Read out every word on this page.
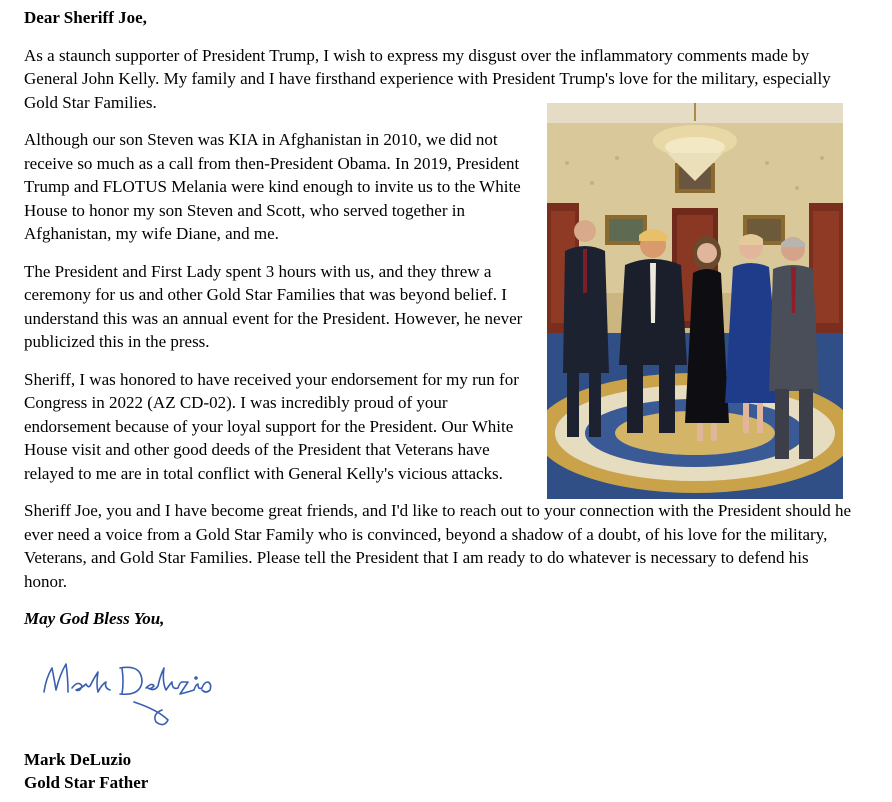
Dear Sheriff Joe,

As a staunch supporter of President Trump, I wish to express my disgust over the inflammatory comments made by General John Kelly. My family and I have firsthand experience with President Trump's love for the military, especially Gold Star Families.

Although our son Steven was KIA in Afghanistan in 2010, we did not receive so much as a call from then-President Obama. In 2019, President Trump and FLOTUS Melania were kind enough to invite us to the White House to honor my son Steven and Scott, who served together in Afghanistan, my wife Diane, and me.

The President and First Lady spent 3 hours with us, and they threw a ceremony for us and other Gold Star Families that was beyond belief. I understand this was an annual event for the President. However, he never publicized this in the press.

Sheriff, I was honored to have received your endorsement for my run for Congress in 2022 (AZ CD-02). I was incredibly proud of your endorsement because of your loyal support for the President. Our White House visit and other good deeds of the President that Veterans have relayed to me are in total conflict with General Kelly's vicious attacks.

Sheriff Joe, you and I have become great friends, and I'd like to reach out to your connection with the President should he ever need a voice from a Gold Star Family who is convinced, beyond a shadow of a doubt, of his love for the military, Veterans, and Gold Star Families. Please tell the President that I am ready to do whatever is necessary to defend his honor.

May God Bless You,
Mark DeLuzio
Gold Star Father
